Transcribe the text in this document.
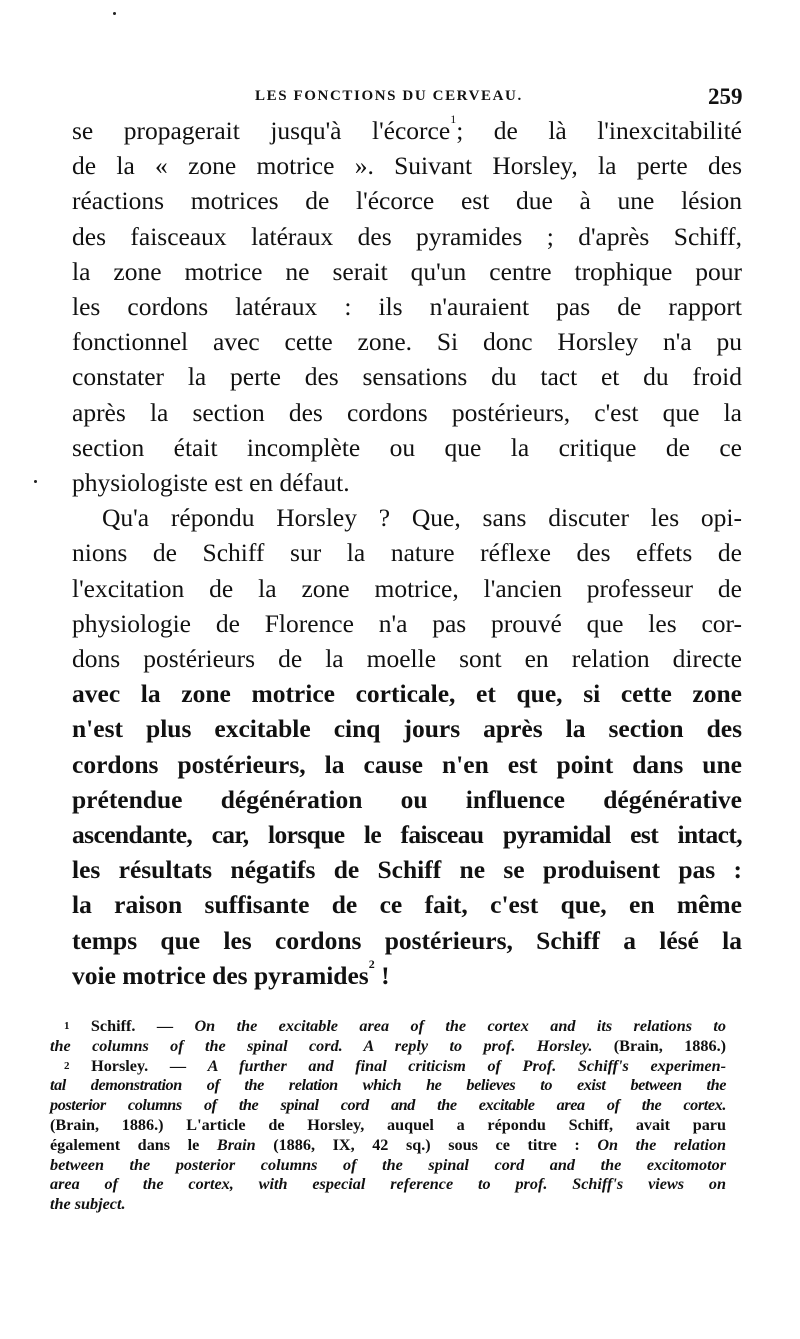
LES FONCTIONS DU CERVEAU.	259
se propagerait jusqu'à l'écorce$^1$; de là l'inexcitabilité
de la « zone motrice ». Suivant Horsley, la perte des
réactions motrices de l'écorce est due à une lésion
des faisceaux latéraux des pyramides ; d'après Schiff,
la zone motrice ne serait qu'un centre trophique pour
les cordons latéraux : ils n'auraient pas de rapport
fonctionnel avec cette zone. Si donc Horsley n'a pu
constater la perte des sensations du tact et du froid
après la section des cordons postérieurs, c'est que la
section était incomplète ou que la critique de ce
physiologiste est en défaut.
Qu'a répondu Horsley ? Que, sans discuter les opi-
nions de Schiff sur la nature réflexe des effets de
l'excitation de la zone motrice, l'ancien professeur de
physiologie de Florence n'a pas prouvé que les cor-
dons postérieurs de la moelle sont en relation directe
avec la zone motrice corticale, et que, si cette zone
n'est plus excitable cinq jours après la section des
cordons postérieurs, la cause n'en est point dans une
prétendue dégénération ou influence dégénérative
ascendante, car, lorsque le faisceau pyramidal est intact,
les résultats négatifs de Schiff ne se produisent pas :
la raison suffisante de ce fait, c'est que, en même
temps que les cordons postérieurs, Schiff a lésé la
voie motrice des pyramides$^2$ !
$^1$ Schiff. — On the excitable area of the cortex and its relations to
the columns of the spinal cord. A reply to prof. Horsley. (Brain, 1886.)
$^2$ Horsley. — A further and final criticism of Prof. Schiff's experimen-
tal demonstration of the relation which he believes to exist between the
posterior columns of the spinal cord and the excitable area of the cortex.
(Brain, 1886.) L'article de Horsley, auquel a répondu Schiff, avait paru
également dans le Brain (1886, IX, 42 sq.) sous ce titre : On the relation
between the posterior columns of the spinal cord and the excitomotor
area of the cortex, with especial reference to prof. Schiff's views on
the subject.
